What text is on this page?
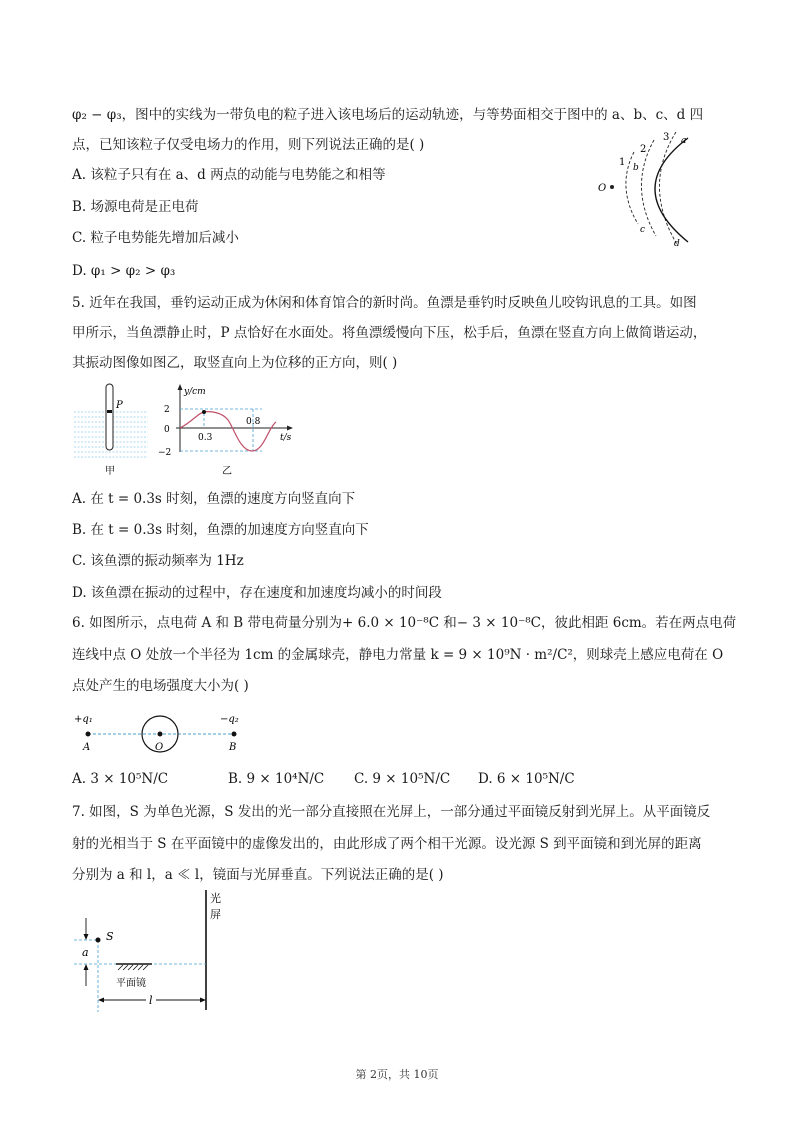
φ₂ − φ₃，图中的实线为一带负电的粒子进入该电场后的运动轨迹，与等势面相交于图中的 a、b、c、d 四
点，已知该粒子仅受电场力的作用，则下列说法正确的是( )
A. 该粒子只有在 a、d 两点的动能与电势能之和相等
B. 场源电荷是正电荷
C. 粒子电势能先增加后减小
D. φ₁ > φ₂ > φ₃
O
1
2
3 a
b
c
d
5. 近年在我国，垂钓运动正成为休闲和体育馆合的新时尚。鱼漂是垂钓时反映鱼儿咬钩讯息的工具。如图
甲所示，当鱼漂静止时，P 点恰好在水面处。将鱼漂缓慢向下压，松手后，鱼漂在竖直方向上做简谐运动，
其振动图像如图乙，取竖直向上为位移的正方向，则( )
P
甲
y/cm
t/s
2
0
−2
0.3
0.8
乙
A. 在 t = 0.3s 时刻，鱼漂的速度方向竖直向下
B. 在 t = 0.3s 时刻，鱼漂的加速度方向竖直向下
C. 该鱼漂的振动频率为 1Hz
D. 该鱼漂在振动的过程中，存在速度和加速度均减小的时间段
6. 如图所示，点电荷 A 和 B 带电荷量分别为+ 6.0 × 10⁻⁸C 和− 3 × 10⁻⁸C，彼此相距 6cm。若在两点电荷
连线中点 O 处放一个半径为 1cm 的金属球壳，静电力常量 k = 9 × 10⁹N · m²/C²，则球壳上感应电荷在 O
点处产生的电场强度大小为( )
+q₁	−q₂
A	O	B
A. 3 × 10⁵N/C	B. 9 × 10⁴N/C C. 9 × 10⁵N/C D. 6 × 10⁵N/C
7. 如图，S 为单色光源，S 发出的光一部分直接照在光屏上，一部分通过平面镜反射到光屏上。从平面镜反
射的光相当于 S 在平面镜中的虚像发出的，由此形成了两个相干光源。设光源 S 到平面镜和到光屏的距离
分别为 a 和 l，a ≪ l，镜面与光屏垂直。下列说法正确的是( )
光
屏
S
a
平面镜
l
第 2页，共 10页
